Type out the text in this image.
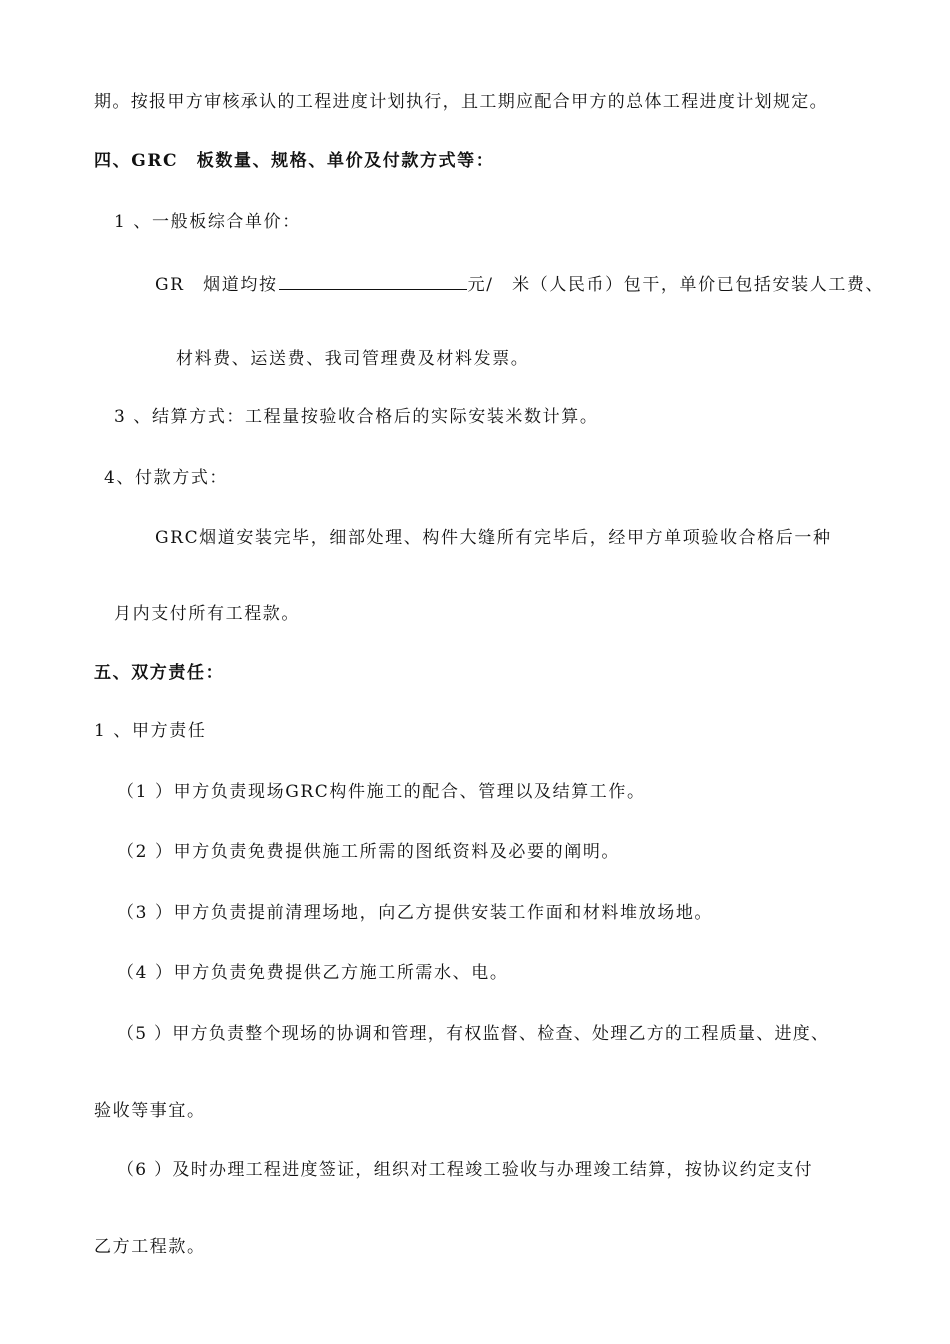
期。按报甲方审核承认的工程进度计划执行，且工期应配合甲方的总体工程进度计划规定。
四、GRC　板数量、规格、单价及付款方式等：
1 、一般板综合单价：
GR　烟道均按	元/　米（人民币）包干，单价已包括安装人工费、
材料费、运送费、我司管理费及材料发票。
3 、结算方式：工程量按验收合格后的实际安装米数计算。
4、付款方式：
GRC烟道安装完毕，细部处理、构件大缝所有完毕后，经甲方单项验收合格后一种
月内支付所有工程款。
五、双方责任：
1 、甲方责任
（1 ）甲方负责现场GRC构件施工的配合、管理以及结算工作。
（2 ）甲方负责免费提供施工所需的图纸资料及必要的阐明。
（3 ）甲方负责提前清理场地，向乙方提供安装工作面和材料堆放场地。
（4 ）甲方负责免费提供乙方施工所需水、电。
（5 ）甲方负责整个现场的协调和管理，有权监督、检查、处理乙方的工程质量、进度、
验收等事宜。
（6 ）及时办理工程进度签证，组织对工程竣工验收与办理竣工结算，按协议约定支付
乙方工程款。
